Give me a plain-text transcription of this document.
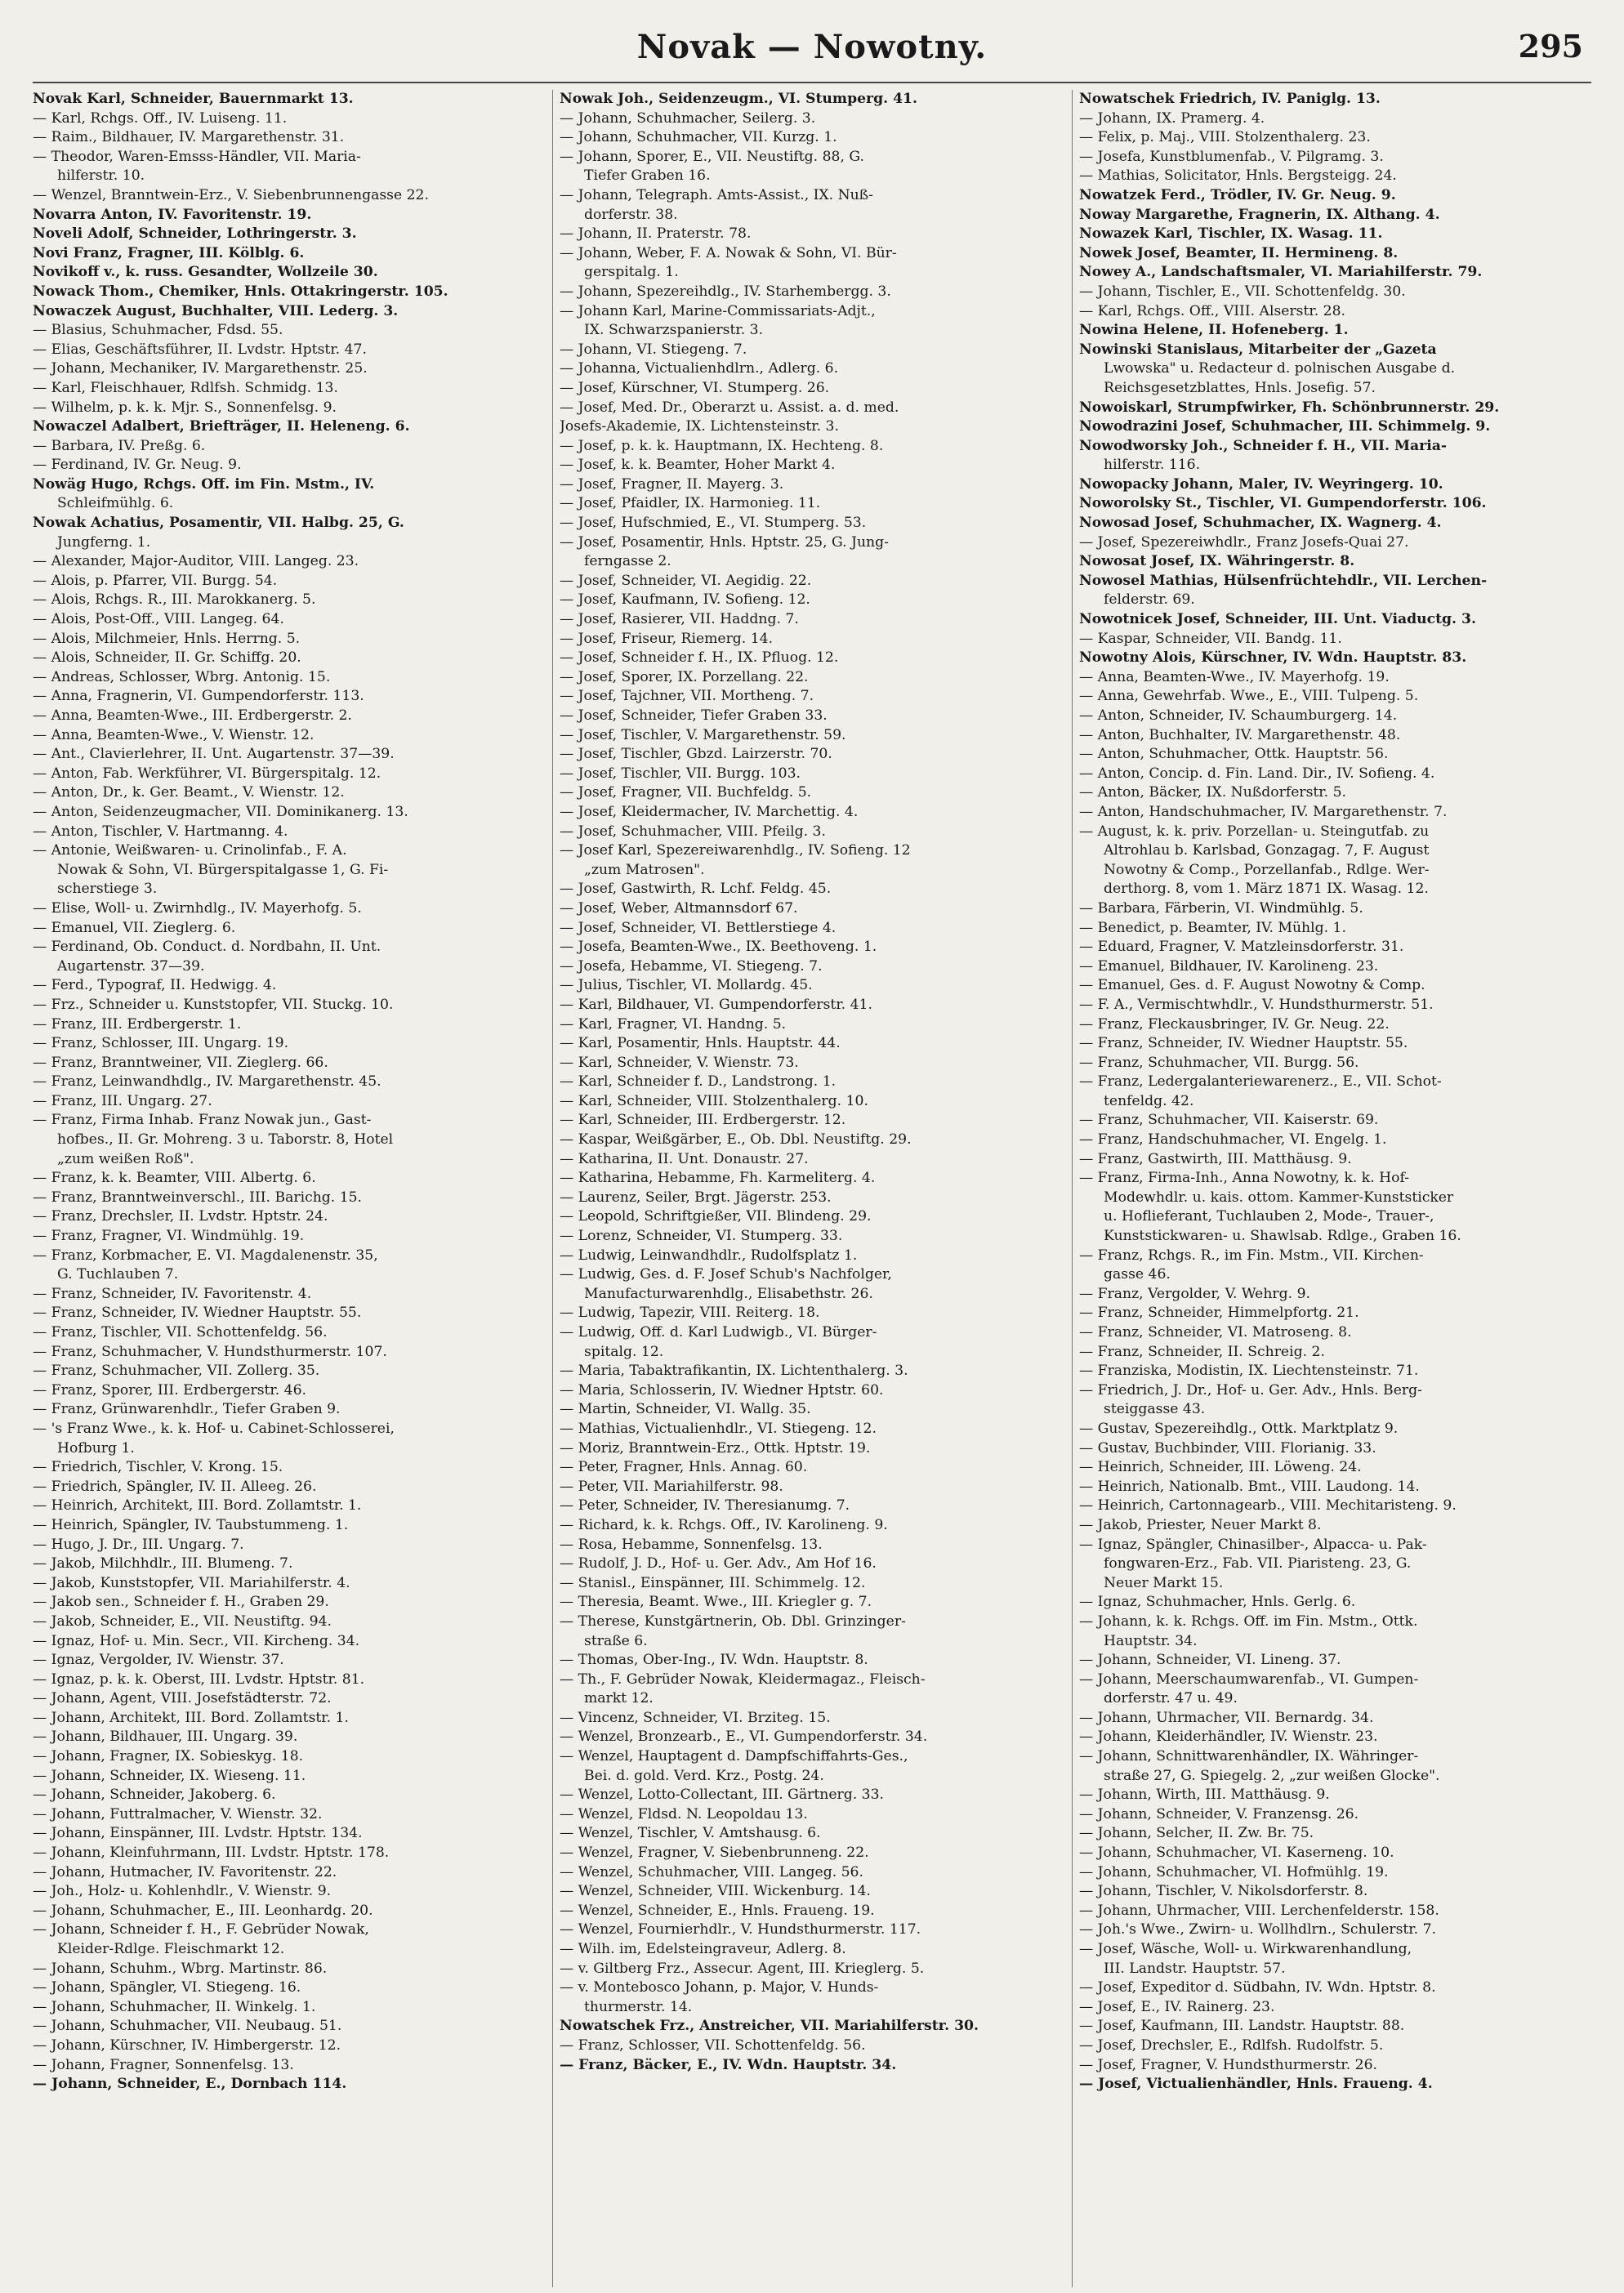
Novak — Nowotny.	295
Novak Karl, Schneider, Bauernmarkt 13.
— Karl, Rchgs. Off., IV. Luiseng. 11.
— Raim., Bildhauer, IV. Margarethenstr. 31.
— Theodor, Waren-Emsss-Händler, VII. Maria-
hilferstr. 10.
— Wenzel, Branntwein-Erz., V. Siebenbrunnengasse 22.
Novarra Anton, IV. Favoritenstr. 19.
Noveli Adolf, Schneider, Lothringerstr. 3.
Novi Franz, Fragner, III. Kölblg. 6.
Novikoff v., k. russ. Gesandter, Wollzeile 30.
Nowack Thom., Chemiker, Hnls. Ottakringerstr. 105.
Nowaczek August, Buchhalter, VIII. Lederg. 3.
— Blasius, Schuhmacher, Fdsd. 55.
— Elias, Geschäftsführer, II. Lvdstr. Hptstr. 47.
— Johann, Mechaniker, IV. Margarethenstr. 25.
— Karl, Fleischhauer, Rdlfsh. Schmidg. 13.
— Wilhelm, p. k. k. Mjr. S., Sonnenfelsg. 9.
Nowaczel Adalbert, Briefträger, II. Heleneng. 6.
— Barbara, IV. Preßg. 6.
— Ferdinand, IV. Gr. Neug. 9.
Nowäg Hugo, Rchgs. Off. im Fin. Mstm., IV.
Schleifmühlg. 6.
Nowak Achatius, Posamentir, VII. Halbg. 25, G.
Jungferng. 1.
— Alexander, Major-Auditor, VIII. Langeg. 23.
— Alois, p. Pfarrer, VII. Burgg. 54.
— Alois, Rchgs. R., III. Marokkanerg. 5.
— Alois, Post-Off., VIII. Langeg. 64.
— Alois, Milchmeier, Hnls. Herrng. 5.
— Alois, Schneider, II. Gr. Schiffg. 20.
— Andreas, Schlosser, Wbrg. Antonig. 15.
— Anna, Fragnerin, VI. Gumpendorferstr. 113.
— Anna, Beamten-Wwe., III. Erdbergerstr. 2.
— Anna, Beamten-Wwe., V. Wienstr. 12.
— Ant., Clavierlehrer, II. Unt. Augartenstr. 37—39.
— Anton, Fab. Werkführer, VI. Bürgerspitalg. 12.
— Anton, Dr., k. Ger. Beamt., V. Wienstr. 12.
— Anton, Seidenzeugmacher, VII. Dominikanerg. 13.
— Anton, Tischler, V. Hartmanng. 4.
— Antonie, Weißwaren- u. Crinolinfab., F. A.
Nowak & Sohn, VI. Bürgerspitalgasse 1, G. Fi-
scherstiege 3.
— Elise, Woll- u. Zwirnhdlg., IV. Mayerhofg. 5.
— Emanuel, VII. Zieglerg. 6.
— Ferdinand, Ob. Conduct. d. Nordbahn, II. Unt.
Augartenstr. 37—39.
— Ferd., Typograf, II. Hedwigg. 4.
— Frz., Schneider u. Kunststopfer, VII. Stuckg. 10.
— Franz, III. Erdbergerstr. 1.
— Franz, Schlosser, III. Ungarg. 19.
— Franz, Branntweiner, VII. Zieglerg. 66.
— Franz, Leinwandhdlg., IV. Margarethenstr. 45.
— Franz, III. Ungarg. 27.
— Franz, Firma Inhab. Franz Nowak jun., Gast-
hofbes., II. Gr. Mohreng. 3 u. Taborstr. 8, Hotel
„zum weißen Roß".
— Franz, k. k. Beamter, VIII. Albertg. 6.
— Franz, Branntweinverschl., III. Barichg. 15.
— Franz, Drechsler, II. Lvdstr. Hptstr. 24.
— Franz, Fragner, VI. Windmühlg. 19.
— Franz, Korbmacher, E. VI. Magdalenenstr. 35,
G. Tuchlauben 7.
— Franz, Schneider, IV. Favoritenstr. 4.
— Franz, Schneider, IV. Wiedner Hauptstr. 55.
— Franz, Tischler, VII. Schottenfeldg. 56.
— Franz, Schuhmacher, V. Hundsthurmerstr. 107.
— Franz, Schuhmacher, VII. Zollerg. 35.
— Franz, Sporer, III. Erdbergerstr. 46.
— Franz, Grünwarenhdlr., Tiefer Graben 9.
— 's Franz Wwe., k. k. Hof- u. Cabinet-Schlosserei,
Hofburg 1.
— Friedrich, Tischler, V. Krong. 15.
— Friedrich, Spängler, IV. II. Alleeg. 26.
— Heinrich, Architekt, III. Bord. Zollamtstr. 1.
— Heinrich, Spängler, IV. Taubstummeng. 1.
— Hugo, J. Dr., III. Ungarg. 7.
— Jakob, Milchhdlr., III. Blumeng. 7.
— Jakob, Kunststopfer, VII. Mariahilferstr. 4.
— Jakob sen., Schneider f. H., Graben 29.
— Jakob, Schneider, E., VII. Neustiftg. 94.
— Ignaz, Hof- u. Min. Secr., VII. Kircheng. 34.
— Ignaz, Vergolder, IV. Wienstr. 37.
— Ignaz, p. k. k. Oberst, III. Lvdstr. Hptstr. 81.
— Johann, Agent, VIII. Josefstädterstr. 72.
— Johann, Architekt, III. Bord. Zollamtstr. 1.
— Johann, Bildhauer, III. Ungarg. 39.
— Johann, Fragner, IX. Sobieskyg. 18.
— Johann, Schneider, IX. Wieseng. 11.
— Johann, Schneider, Jakoberg. 6.
— Johann, Futtralmacher, V. Wienstr. 32.
— Johann, Einspänner, III. Lvdstr. Hptstr. 134.
— Johann, Kleinfuhrmann, III. Lvdstr. Hptstr. 178.
— Johann, Hutmacher, IV. Favoritenstr. 22.
— Joh., Holz- u. Kohlenhdlr., V. Wienstr. 9.
— Johann, Schuhmacher, E., III. Leonhardg. 20.
— Johann, Schneider f. H., F. Gebrüder Nowak,
Kleider-Rdlge. Fleischmarkt 12.
— Johann, Schuhm., Wbrg. Martinstr. 86.
— Johann, Spängler, VI. Stiegeng. 16.
— Johann, Schuhmacher, II. Winkelg. 1.
— Johann, Schuhmacher, VII. Neubaug. 51.
— Johann, Kürschner, IV. Himbergerstr. 12.
— Johann, Fragner, Sonnenfelsg. 13.
— Johann, Schneider, E., Dornbach 114.
Nowak Joh., Seidenzeugm., VI. Stumperg. 41.
— Johann, Schuhmacher, Seilerg. 3.
— Johann, Schuhmacher, VII. Kurzg. 1.
— Johann, Sporer, E., VII. Neustiftg. 88, G.
Tiefer Graben 16.
— Johann, Telegraph. Amts-Assist., IX. Nuß-
dorferstr. 38.
— Johann, II. Praterstr. 78.
— Johann, Weber, F. A. Nowak & Sohn, VI. Bür-
gerspitalg. 1.
— Johann, Spezereihdlg., IV. Starhembergg. 3.
— Johann Karl, Marine-Commissariats-Adjt.,
IX. Schwarzspanierstr. 3.
— Johann, VI. Stiegeng. 7.
— Johanna, Victualienhdlrn., Adlerg. 6.
— Josef, Kürschner, VI. Stumperg. 26.
— Josef, Med. Dr., Oberarzt u. Assist. a. d. med.
Josefs-Akademie, IX. Lichtensteinstr. 3.
— Josef, p. k. k. Hauptmann, IX. Hechteng. 8.
— Josef, k. k. Beamter, Hoher Markt 4.
— Josef, Fragner, II. Mayerg. 3.
— Josef, Pfaidler, IX. Harmonieg. 11.
— Josef, Hufschmied, E., VI. Stumperg. 53.
— Josef, Posamentir, Hnls. Hptstr. 25, G. Jung-
ferngasse 2.
— Josef, Schneider, VI. Aegidig. 22.
— Josef, Kaufmann, IV. Sofieng. 12.
— Josef, Rasierer, VII. Haddng. 7.
— Josef, Friseur, Riemerg. 14.
— Josef, Schneider f. H., IX. Pfluog. 12.
— Josef, Sporer, IX. Porzellang. 22.
— Josef, Tajchner, VII. Mortheng. 7.
— Josef, Schneider, Tiefer Graben 33.
— Josef, Tischler, V. Margarethenstr. 59.
— Josef, Tischler, Gbzd. Lairzerstr. 70.
— Josef, Tischler, VII. Burgg. 103.
— Josef, Fragner, VII. Buchfeldg. 5.
— Josef, Kleidermacher, IV. Marchettig. 4.
— Josef, Schuhmacher, VIII. Pfeilg. 3.
— Josef Karl, Spezereiwarenhdlg., IV. Sofieng. 12
„zum Matrosen".
— Josef, Gastwirth, R. Lchf. Feldg. 45.
— Josef, Weber, Altmannsdorf 67.
— Josef, Schneider, VI. Bettlerstiege 4.
— Josefa, Beamten-Wwe., IX. Beethoveng. 1.
— Josefa, Hebamme, VI. Stiegeng. 7.
— Julius, Tischler, VI. Mollardg. 45.
— Karl, Bildhauer, VI. Gumpendorferstr. 41.
— Karl, Fragner, VI. Handng. 5.
— Karl, Posamentir, Hnls. Hauptstr. 44.
— Karl, Schneider, V. Wienstr. 73.
— Karl, Schneider f. D., Landstrong. 1.
— Karl, Schneider, VIII. Stolzenthalerg. 10.
— Karl, Schneider, III. Erdbergerstr. 12.
— Kaspar, Weißgärber, E., Ob. Dbl. Neustiftg. 29.
— Katharina, II. Unt. Donaustr. 27.
— Katharina, Hebamme, Fh. Karmeliterg. 4.
— Laurenz, Seiler, Brgt. Jägerstr. 253.
— Leopold, Schriftgießer, VII. Blindeng. 29.
— Lorenz, Schneider, VI. Stumperg. 33.
— Ludwig, Leinwandhdlr., Rudolfsplatz 1.
— Ludwig, Ges. d. F. Josef Schub's Nachfolger,
Manufacturwarenhdlg., Elisabethstr. 26.
— Ludwig, Tapezir, VIII. Reiterg. 18.
— Ludwig, Off. d. Karl Ludwigb., VI. Bürger-
spitalg. 12.
— Maria, Tabaktrafikantin, IX. Lichtenthalerg. 3.
— Maria, Schlosserin, IV. Wiedner Hptstr. 60.
— Martin, Schneider, VI. Wallg. 35.
— Mathias, Victualienhdlr., VI. Stiegeng. 12.
— Moriz, Branntwein-Erz., Ottk. Hptstr. 19.
— Peter, Fragner, Hnls. Annag. 60.
— Peter, VII. Mariahilferstr. 98.
— Peter, Schneider, IV. Theresianumg. 7.
— Richard, k. k. Rchgs. Off., IV. Karolineng. 9.
— Rosa, Hebamme, Sonnenfelsg. 13.
— Rudolf, J. D., Hof- u. Ger. Adv., Am Hof 16.
— Stanisl., Einspänner, III. Schimmelg. 12.
— Theresia, Beamt. Wwe., III. Kriegler g. 7.
— Therese, Kunstgärtnerin, Ob. Dbl. Grinzinger-
straße 6.
— Thomas, Ober-Ing., IV. Wdn. Hauptstr. 8.
— Th., F. Gebrüder Nowak, Kleidermagaz., Fleisch-
markt 12.
— Vincenz, Schneider, VI. Brziteg. 15.
— Wenzel, Bronzearb., E., VI. Gumpendorferstr. 34.
— Wenzel, Hauptagent d. Dampfschiffahrts-Ges.,
Bei. d. gold. Verd. Krz., Postg. 24.
— Wenzel, Lotto-Collectant, III. Gärtnerg. 33.
— Wenzel, Fldsd. N. Leopoldau 13.
— Wenzel, Tischler, V. Amtshausg. 6.
— Wenzel, Fragner, V. Siebenbrunneng. 22.
— Wenzel, Schuhmacher, VIII. Langeg. 56.
— Wenzel, Schneider, VIII. Wickenburg. 14.
— Wenzel, Schneider, E., Hnls. Fraueng. 19.
— Wenzel, Fournierhdlr., V. Hundsthurmerstr. 117.
— Wilh. im, Edelsteingraveur, Adlerg. 8.
— v. Giltberg Frz., Assecur. Agent, III. Krieglerg. 5.
— v. Montebosco Johann, p. Major, V. Hunds-
thurmerstr. 14.
Nowatschek Frz., Anstreicher, VII. Mariahilferstr. 30.
— Franz, Schlosser, VII. Schottenfeldg. 56.
— Franz, Bäcker, E., IV. Wdn. Hauptstr. 34.
Nowatschek Friedrich, IV. Paniglg. 13.
— Johann, IX. Pramerg. 4.
— Felix, p. Maj., VIII. Stolzenthalerg. 23.
— Josefa, Kunstblumenfab., V. Pilgramg. 3.
— Mathias, Solicitator, Hnls. Bergsteigg. 24.
Nowatzek Ferd., Trödler, IV. Gr. Neug. 9.
Noway Margarethe, Fragnerin, IX. Althang. 4.
Nowazek Karl, Tischler, IX. Wasag. 11.
Nowek Josef, Beamter, II. Hermineng. 8.
Nowey A., Landschaftsmaler, VI. Mariahilferstr. 79.
— Johann, Tischler, E., VII. Schottenfeldg. 30.
— Karl, Rchgs. Off., VIII. Alserstr. 28.
Nowina Helene, II. Hofeneberg. 1.
Nowinski Stanislaus, Mitarbeiter der „Gazeta
Lwowska" u. Redacteur d. polnischen Ausgabe d.
Reichsgesetzblattes, Hnls. Josefig. 57.
Nowoiskarl, Strumpfwirker, Fh. Schönbrunnerstr. 29.
Nowodrazini Josef, Schuhmacher, III. Schimmelg. 9.
Nowodworsky Joh., Schneider f. H., VII. Maria-
hilferstr. 116.
Nowopacky Johann, Maler, IV. Weyringerg. 10.
Noworolsky St., Tischler, VI. Gumpendorferstr. 106.
Nowosad Josef, Schuhmacher, IX. Wagnerg. 4.
— Josef, Spezereiwhdlr., Franz Josefs-Quai 27.
Nowosat Josef, IX. Währingerstr. 8.
Nowosel Mathias, Hülsenfrüchtehdlr., VII. Lerchen-
felderstr. 69.
Nowotnicek Josef, Schneider, III. Unt. Viaductg. 3.
— Kaspar, Schneider, VII. Bandg. 11.
Nowotny Alois, Kürschner, IV. Wdn. Hauptstr. 83.
— Anna, Beamten-Wwe., IV. Mayerhofg. 19.
— Anna, Gewehrfab. Wwe., E., VIII. Tulpeng. 5.
— Anton, Schneider, IV. Schaumburgerg. 14.
— Anton, Buchhalter, IV. Margarethenstr. 48.
— Anton, Schuhmacher, Ottk. Hauptstr. 56.
— Anton, Concip. d. Fin. Land. Dir., IV. Sofieng. 4.
— Anton, Bäcker, IX. Nußdorferstr. 5.
— Anton, Handschuhmacher, IV. Margarethenstr. 7.
— August, k. k. priv. Porzellan- u. Steingutfab. zu
Altrohlau b. Karlsbad, Gonzagag. 7, F. August
Nowotny & Comp., Porzellanfab., Rdlge. Wer-
derthorg. 8, vom 1. März 1871 IX. Wasag. 12.
— Barbara, Färberin, VI. Windmühlg. 5.
— Benedict, p. Beamter, IV. Mühlg. 1.
— Eduard, Fragner, V. Matzleinsdorferstr. 31.
— Emanuel, Bildhauer, IV. Karolineng. 23.
— Emanuel, Ges. d. F. August Nowotny & Comp.
— F. A., Vermischtwhdlr., V. Hundsthurmerstr. 51.
— Franz, Fleckausbringer, IV. Gr. Neug. 22.
— Franz, Schneider, IV. Wiedner Hauptstr. 55.
— Franz, Schuhmacher, VII. Burgg. 56.
— Franz, Ledergalanteriewarenerz., E., VII. Schot-
tenfeldg. 42.
— Franz, Schuhmacher, VII. Kaiserstr. 69.
— Franz, Handschuhmacher, VI. Engelg. 1.
— Franz, Gastwirth, III. Matthäusg. 9.
— Franz, Firma-Inh., Anna Nowotny, k. k. Hof-
Modewhdlr. u. kais. ottom. Kammer-Kunststicker
u. Hoflieferant, Tuchlauben 2, Mode-, Trauer-,
Kunststickwaren- u. Shawlsab. Rdlge., Graben 16.
— Franz, Rchgs. R., im Fin. Mstm., VII. Kirchen-
gasse 46.
— Franz, Vergolder, V. Wehrg. 9.
— Franz, Schneider, Himmelpfortg. 21.
— Franz, Schneider, VI. Matroseng. 8.
— Franz, Schneider, II. Schreig. 2.
— Franziska, Modistin, IX. Liechtensteinstr. 71.
— Friedrich, J. Dr., Hof- u. Ger. Adv., Hnls. Berg-
steiggasse 43.
— Gustav, Spezereihdlg., Ottk. Marktplatz 9.
— Gustav, Buchbinder, VIII. Florianig. 33.
— Heinrich, Schneider, III. Löweng. 24.
— Heinrich, Nationalb. Bmt., VIII. Laudong. 14.
— Heinrich, Cartonnagearb., VIII. Mechitaristeng. 9.
— Jakob, Priester, Neuer Markt 8.
— Ignaz, Spängler, Chinasilber-, Alpacca- u. Pak-
fongwaren-Erz., Fab. VII. Piaristeng. 23, G.
Neuer Markt 15.
— Ignaz, Schuhmacher, Hnls. Gerlg. 6.
— Johann, k. k. Rchgs. Off. im Fin. Mstm., Ottk.
Hauptstr. 34.
— Johann, Schneider, VI. Lineng. 37.
— Johann, Meerschaumwarenfab., VI. Gumpen-
dorferstr. 47 u. 49.
— Johann, Uhrmacher, VII. Bernardg. 34.
— Johann, Kleiderhändler, IV. Wienstr. 23.
— Johann, Schnittwarenhändler, IX. Währinger-
straße 27, G. Spiegelg. 2, „zur weißen Glocke".
— Johann, Wirth, III. Matthäusg. 9.
— Johann, Schneider, V. Franzensg. 26.
— Johann, Selcher, II. Zw. Br. 75.
— Johann, Schuhmacher, VI. Kaserneng. 10.
— Johann, Schuhmacher, VI. Hofmühlg. 19.
— Johann, Tischler, V. Nikolsdorferstr. 8.
— Johann, Uhrmacher, VIII. Lerchenfelderstr. 158.
— Joh.'s Wwe., Zwirn- u. Wollhdlrn., Schulerstr. 7.
— Josef, Wäsche, Woll- u. Wirkwarenhandlung,
III. Landstr. Hauptstr. 57.
— Josef, Expeditor d. Südbahn, IV. Wdn. Hptstr. 8.
— Josef, E., IV. Rainerg. 23.
— Josef, Kaufmann, III. Landstr. Hauptstr. 88.
— Josef, Drechsler, E., Rdlfsh. Rudolfstr. 5.
— Josef, Fragner, V. Hundsthurmerstr. 26.
— Josef, Victualienhändler, Hnls. Fraueng. 4.
